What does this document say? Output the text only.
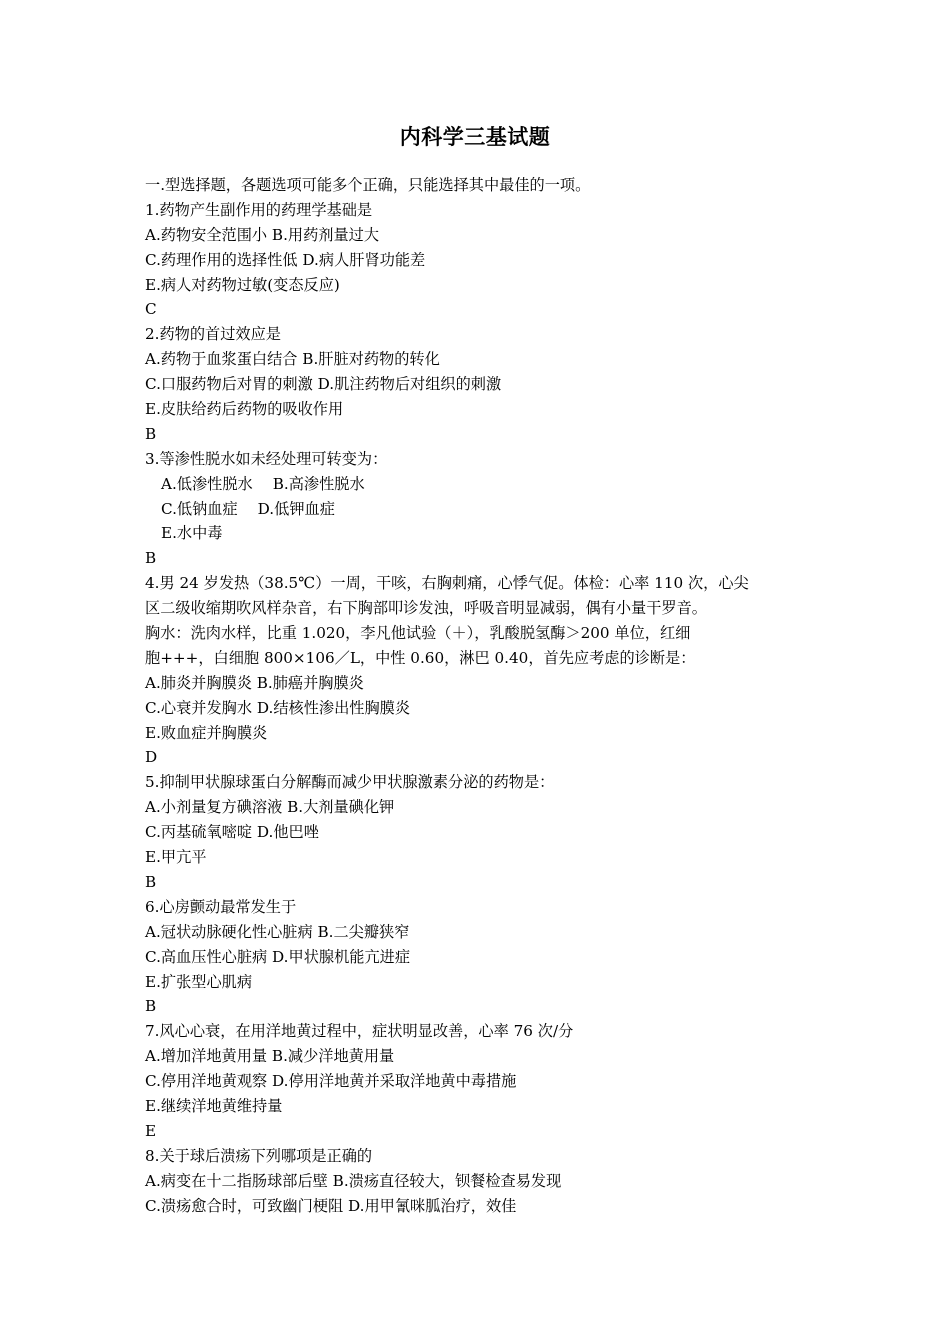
内科学三基试题
一.型选择题，各题选项可能多个正确，只能选择其中最佳的一项。
1.药物产生副作用的药理学基础是
A.药物安全范围小 B.用药剂量过大
C.药理作用的选择性低 D.病人肝肾功能差
E.病人对药物过敏(变态反应)
C
2.药物的首过效应是
A.药物于血浆蛋白结合 B.肝脏对药物的转化
C.口服药物后对胃的刺激 D.肌注药物后对组织的刺激
E.皮肤给药后药物的吸收作用
B
3.等渗性脱水如未经处理可转变为：
A.低渗性脱水 　B.高渗性脱水
C.低钠血症 　D.低钾血症
E.水中毒
B
4.男 24 岁发热（38.5℃）一周，干咳，右胸刺痛，心悸气促。体检：心率 110 次，心尖
区二级收缩期吹风样杂音，右下胸部叩诊发浊，呼吸音明显减弱，偶有小量干罗音。
胸水：洗肉水样，比重 1.020，李凡他试验（＋），乳酸脱氢酶＞200 单位，红细
胞+++，白细胞 800×106／L，中性 0.60，淋巴 0.40，首先应考虑的诊断是：
A.肺炎并胸膜炎 B.肺癌并胸膜炎
C.心衰并发胸水 D.结核性渗出性胸膜炎
E.败血症并胸膜炎
D
5.抑制甲状腺球蛋白分解酶而减少甲状腺激素分泌的药物是：
A.小剂量复方碘溶液 B.大剂量碘化钾
C.丙基硫氧嘧啶 D.他巴唑
E.甲亢平
B
6.心房颤动最常发生于
A.冠状动脉硬化性心脏病 B.二尖瓣狭窄
C.高血压性心脏病 D.甲状腺机能亢进症
E.扩张型心肌病
B
7.风心心衰，在用洋地黄过程中，症状明显改善，心率 76 次/分
A.增加洋地黄用量 B.减少洋地黄用量
C.停用洋地黄观察 D.停用洋地黄并采取洋地黄中毒措施
E.继续洋地黄维持量
E
8.关于球后溃疡下列哪项是正确的
A.病变在十二指肠球部后壁 B.溃疡直径较大，钡餐检查易发现
C.溃疡愈合时，可致幽门梗阻 D.用甲氰咪胍治疗，效佳
